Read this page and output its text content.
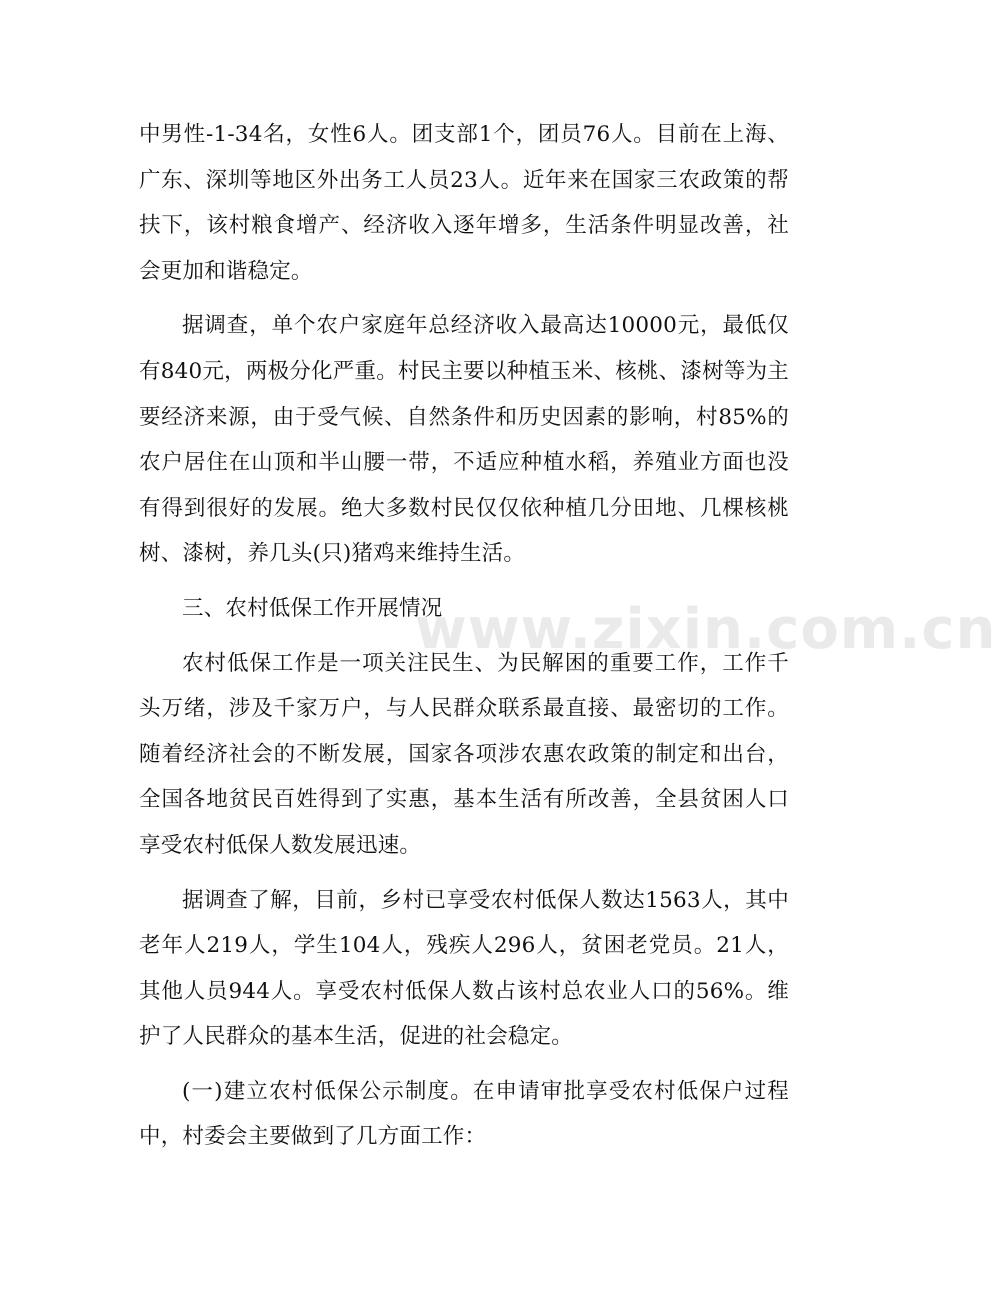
中男性-1-34名，女性6人。团支部1个，团员76人。目前在上海、广东、深圳等地区外出务工人员23人。近年来在国家三农政策的帮扶下，该村粮食增产、经济收入逐年增多，生活条件明显改善，社会更加和谐稳定。

据调查，单个农户家庭年总经济收入最高达10000元，最低仅有840元，两极分化严重。村民主要以种植玉米、核桃、漆树等为主要经济来源，由于受气候、自然条件和历史因素的影响，村85%的农户居住在山顶和半山腰一带，不适应种植水稻，养殖业方面也没有得到很好的发展。绝大多数村民仅仅依种植几分田地、几棵核桃树、漆树，养几头(只)猪鸡来维持生活。

三、农村低保工作开展情况

农村低保工作是一项关注民生、为民解困的重要工作，工作千头万绪，涉及千家万户，与人民群众联系最直接、最密切的工作。随着经济社会的不断发展，国家各项涉农惠农政策的制定和出台，全国各地贫民百姓得到了实惠，基本生活有所改善，全县贫困人口享受农村低保人数发展迅速。

据调查了解，目前，乡村已享受农村低保人数达1563人，其中老年人219人，学生104人，残疾人296人，贫困老党员。21人，其他人员944人。享受农村低保人数占该村总农业人口的56%。维护了人民群众的基本生活，促进的社会稳定。

(一)建立农村低保公示制度。在申请审批享受农村低保户过程中，村委会主要做到了几方面工作：

www.zixin.com.cn
